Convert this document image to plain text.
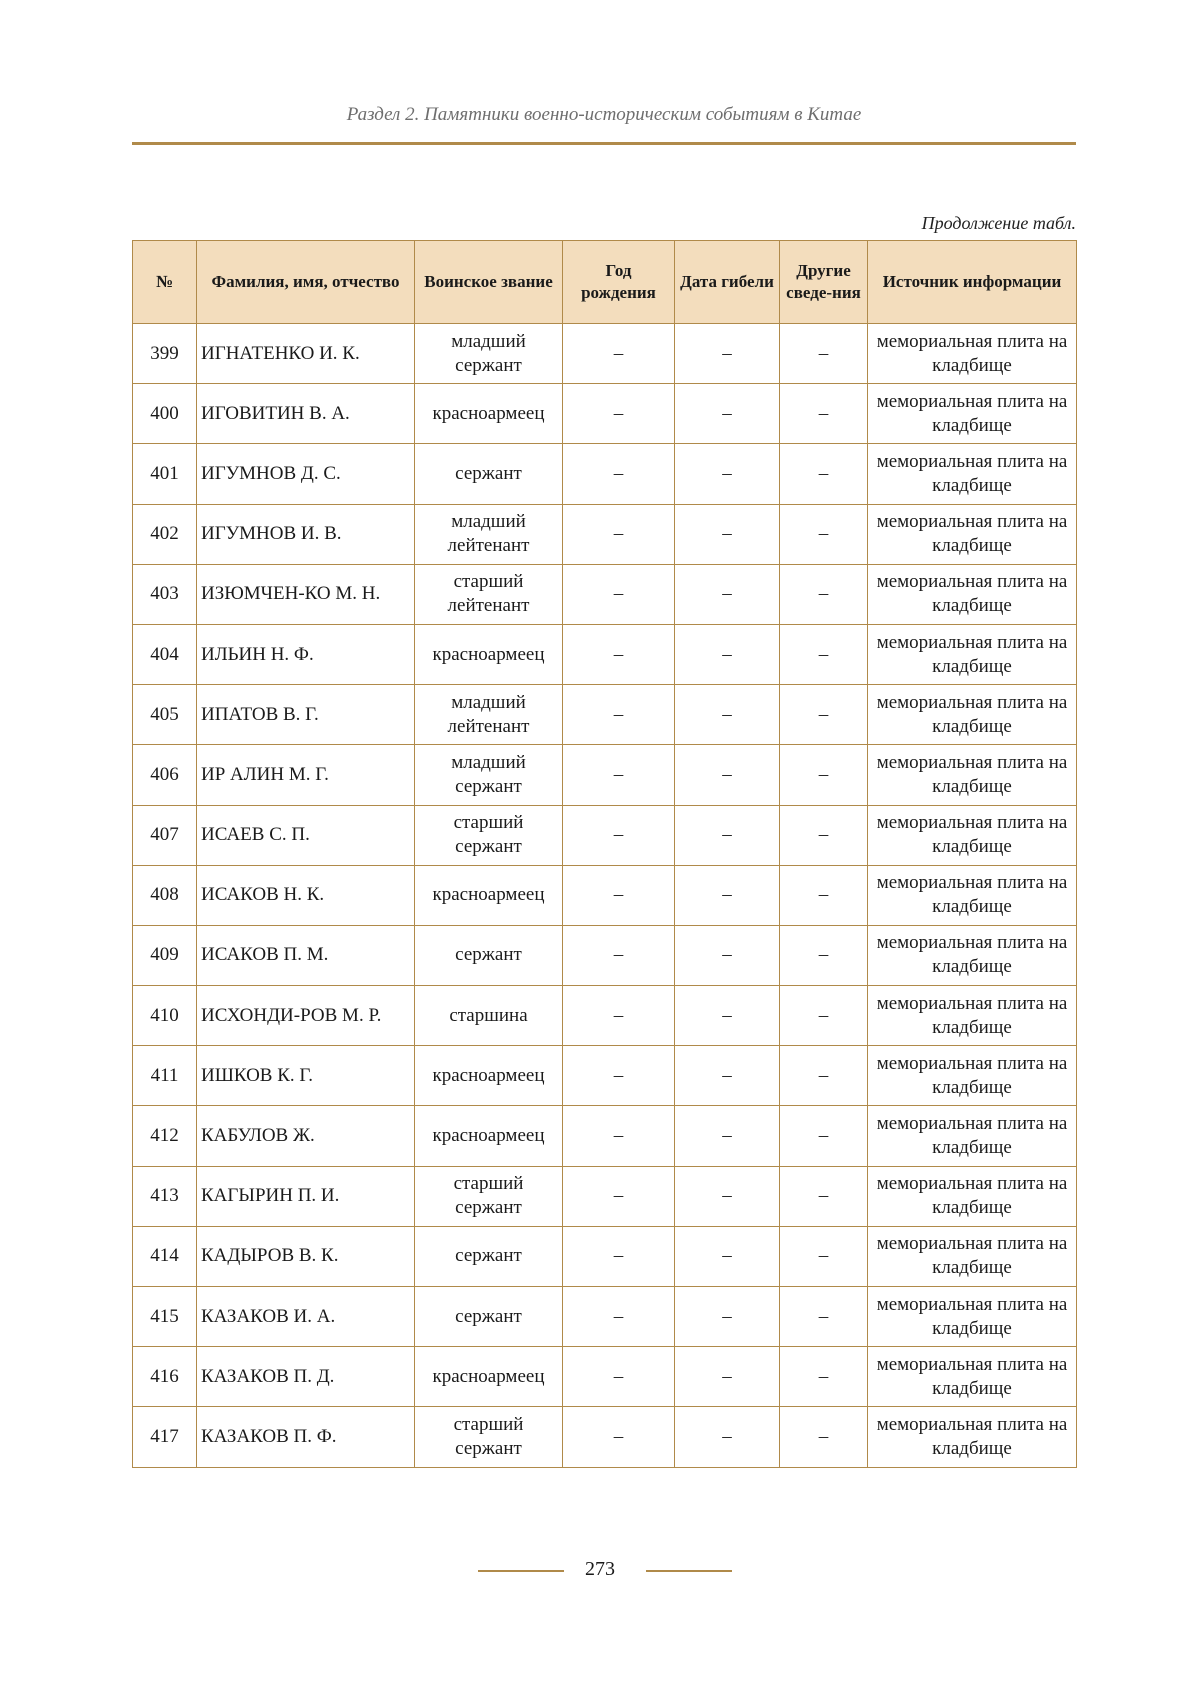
Раздел 2. Памятники военно-историческим событиям в Китае
Продолжение табл.
№	Фамилия, имя, отчество	Воинское звание	Год рождения	Дата гибели	Другие сведе-ния	Источник информации
399	ИГНАТЕНКО И. К.	младший сержант	–	–	–	мемориальная плита на кладбище
400	ИГОВИТИН В. А.	красноармеец	–	–	–	мемориальная плита на кладбище
401	ИГУМНОВ Д. С.	сержант	–	–	–	мемориальная плита на кладбище
402	ИГУМНОВ И. В.	младший лейтенант	–	–	–	мемориальная плита на кладбище
403	ИЗЮМЧЕН-КО М. Н.	старший лейтенант	–	–	–	мемориальная плита на кладбище
404	ИЛЬИН Н. Ф.	красноармеец	–	–	–	мемориальная плита на кладбище
405	ИПАТОВ В. Г.	младший лейтенант	–	–	–	мемориальная плита на кладбище
406	ИР АЛИН М. Г.	младший сержант	–	–	–	мемориальная плита на кладбище
407	ИСАЕВ С. П.	старший сержант	–	–	–	мемориальная плита на кладбище
408	ИСАКОВ Н. К.	красноармеец	–	–	–	мемориальная плита на кладбище
409	ИСАКОВ П. М.	сержант	–	–	–	мемориальная плита на кладбище
410	ИСХОНДИ-РОВ М. Р.	старшина	–	–	–	мемориальная плита на кладбище
411	ИШКОВ К. Г.	красноармеец	–	–	–	мемориальная плита на кладбище
412	КАБУЛОВ Ж.	красноармеец	–	–	–	мемориальная плита на кладбище
413	КАГЫРИН П. И.	старший сержант	–	–	–	мемориальная плита на кладбище
414	КАДЫРОВ В. К.	сержант	–	–	–	мемориальная плита на кладбище
415	КАЗАКОВ И. А.	сержант	–	–	–	мемориальная плита на кладбище
416	КАЗАКОВ П. Д.	красноармеец	–	–	–	мемориальная плита на кладбище
417	КАЗАКОВ П. Ф.	старший сержант	–	–	–	мемориальная плита на кладбище
273
